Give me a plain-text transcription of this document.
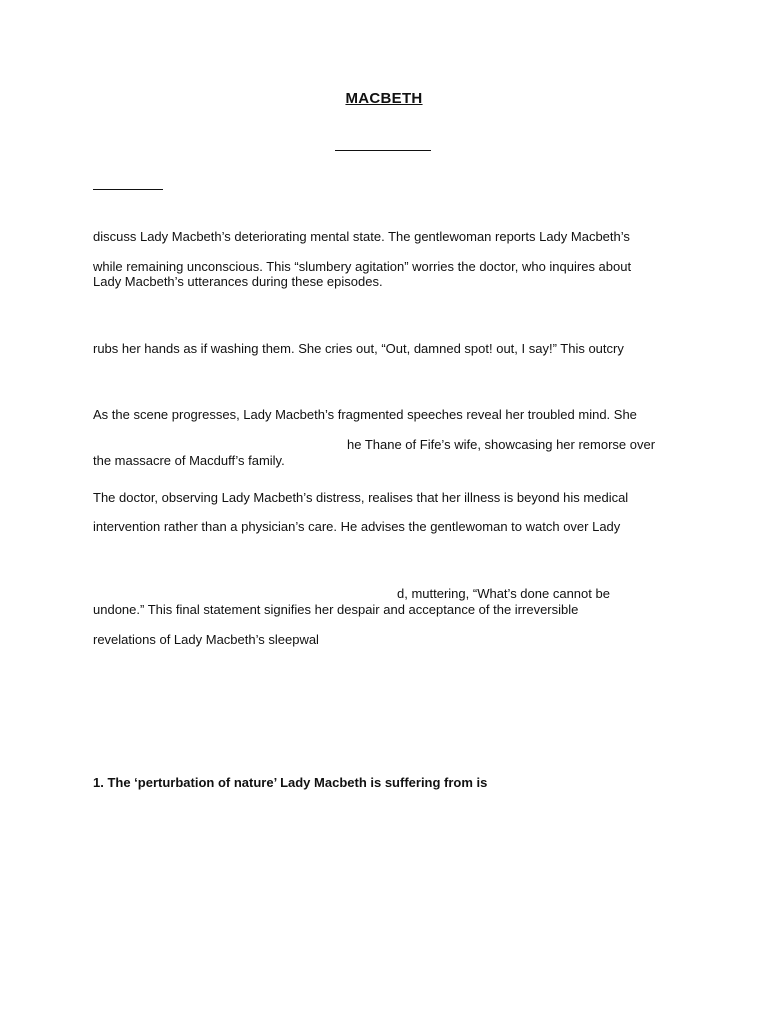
MACBETH
discuss Lady Macbeth’s deteriorating mental state. The gentlewoman reports Lady Macbeth’s
while remaining unconscious. This “slumbery agitation” worries the doctor, who inquires about
Lady Macbeth’s utterances during these episodes.
rubs her hands as if washing them. She cries out, “Out, damned spot! out, I say!” This outcry
As the scene progresses, Lady Macbeth’s fragmented speeches reveal her troubled mind. She
he Thane of Fife’s wife, showcasing her remorse over
the massacre of Macduff’s family.
The doctor, observing Lady Macbeth’s distress, realises that her illness is beyond his medical
intervention rather than a physician’s care. He advises the gentlewoman to watch over Lady
d, muttering, “What’s done cannot be
undone.” This final statement signifies her despair and acceptance of the irreversible
revelations of Lady Macbeth’s sleepwal
1. The ‘perturbation of nature’ Lady Macbeth is suffering from is
